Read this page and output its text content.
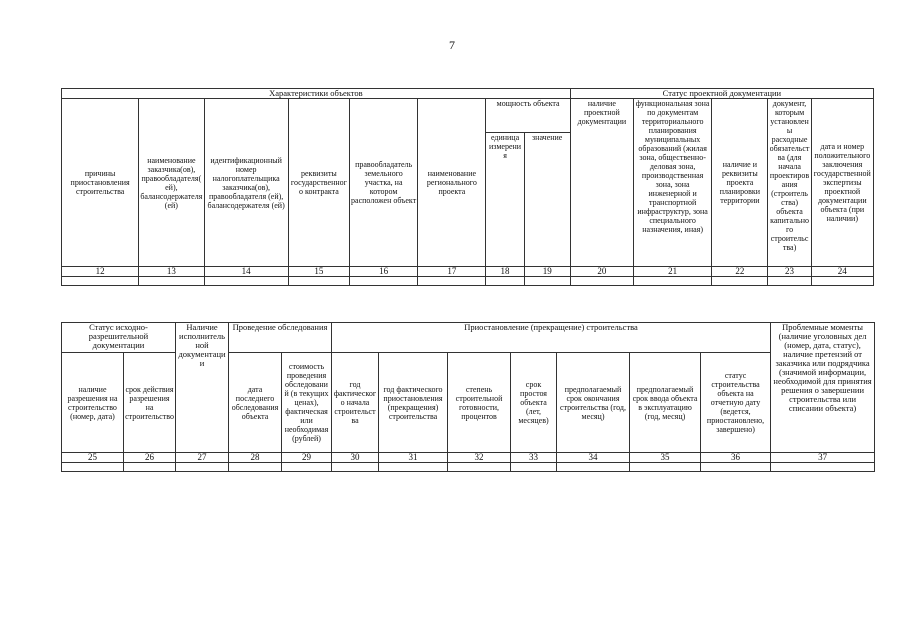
7
Характеристики объектов								Статус проектной документации				
причины приостановления строительства	наименование заказчика(ов), правообладателя(ей), балансодержателя(ей)	идентификационный номер налогоплательщика заказчика(ов), правообладателя (ей), балансодержателя (ей)	реквизиты государственного контракта	правообладатель земельного участка, на котором расположен объект	наименование регионального проекта	мощность объекта		наличие проектной документации	функциональная зона по документам территориального планирования муниципальных образований (жилая зона, общественно-деловая зона, производственная зона, зона инженерной и транспортной инфраструктур, зона специального назначения, иная)	наличие и реквизиты проекта планировки территории	документ, которым установлены расходные обязательства (для начала проектирования (строительства) объекта капитального строительства)	дата и номер положительного заключения государственной экспертизы проектной документации объекта (при наличии)
						единица измерения	значение					
12	13	14	15	16	17	18	19	20	21	22	23	24

Статус исходно-разрешительной документации		Наличие исполнительной документации	Проведение обследования		Приостановление (прекращение) строительства							Проблемные моменты (наличие уголовных дел (номер, дата, статус), наличие претензий от заказчика или подрядчика (значимой информации, необходимой для принятия решения о завершении строительства или списании объекта)
наличие разрешения на строительство (номер, дата)	срок действия разрешения на строительство		дата последнего обследования объекта	стоимость проведения обследований (в текущих ценах), фактическая или необходимая (рублей)	год фактического начала строительства	год фактического приостановления (прекращения) строительства	степень строительной готовности, процентов	срок простоя объекта (лет, месяцев)	предполагаемый срок окончания строительства (год, месяц)	предполагаемый срок ввода объекта в эксплуатацию (год, месяц)	статус строительства объекта на отчетную дату (ведется, приостановлено, завершено)	
25	26	27	28	29	30	31	32	33	34	35	36	37
